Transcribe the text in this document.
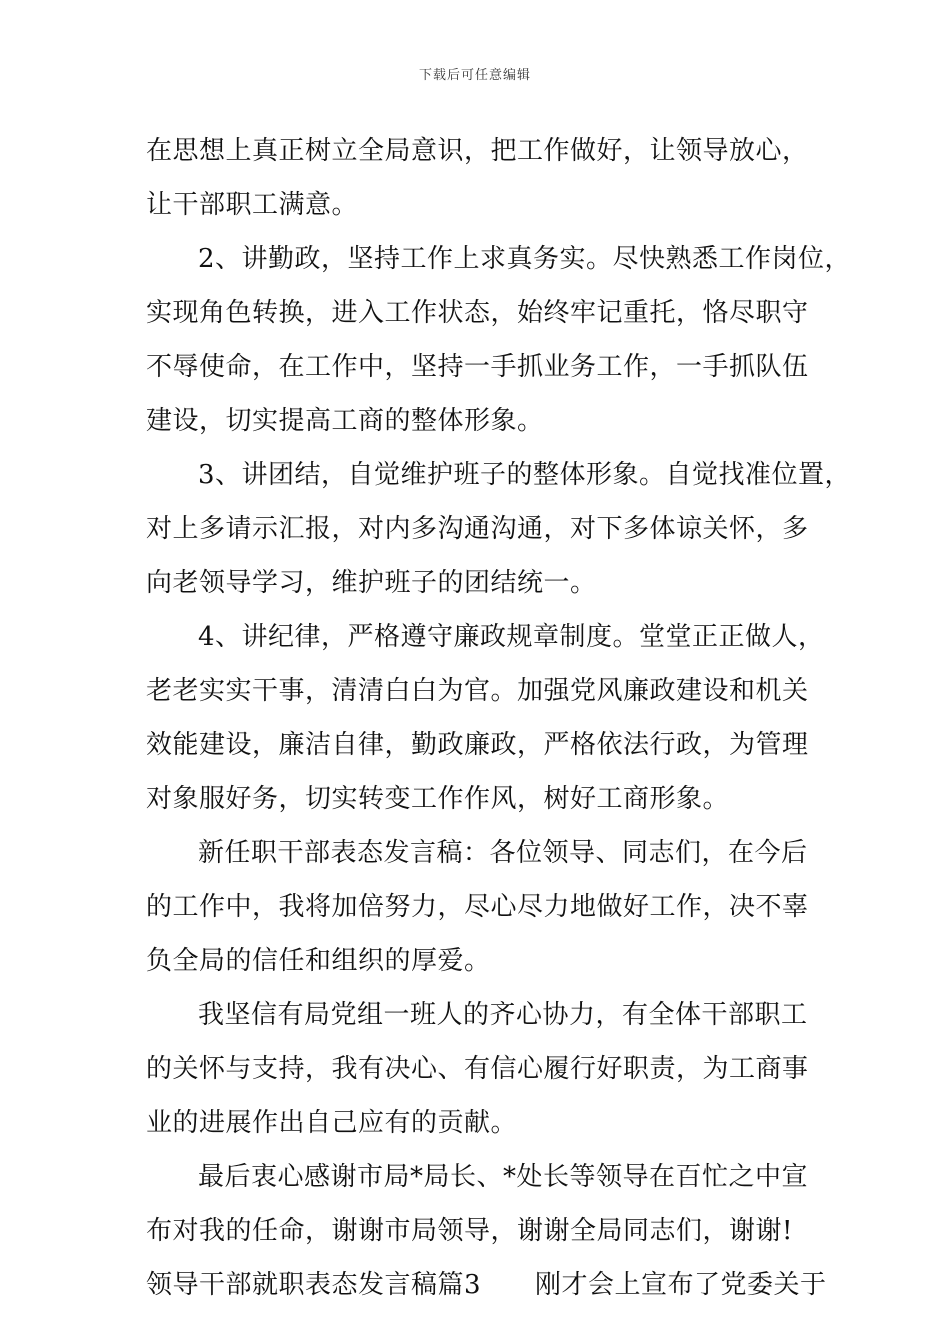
下载后可任意编辑
在思想上真正树立全局意识，把工作做好，让领导放心，
让干部职工满意。
2、讲勤政，坚持工作上求真务实。尽快熟悉工作岗位，
实现角色转换，进入工作状态，始终牢记重托，恪尽职守
不辱使命，在工作中，坚持一手抓业务工作，一手抓队伍
建设，切实提高工商的整体形象。
3、讲团结，自觉维护班子的整体形象。自觉找准位置，
对上多请示汇报，对内多沟通沟通，对下多体谅关怀，多
向老领导学习，维护班子的团结统一。
4、讲纪律，严格遵守廉政规章制度。堂堂正正做人，
老老实实干事，清清白白为官。加强党风廉政建设和机关
效能建设，廉洁自律，勤政廉政，严格依法行政，为管理
对象服好务，切实转变工作作风，树好工商形象。
新任职干部表态发言稿：各位领导、同志们，在今后
的工作中，我将加倍努力，尽心尽力地做好工作，决不辜
负全局的信任和组织的厚爱。
我坚信有局党组一班人的齐心协力，有全体干部职工
的关怀与支持，我有决心、有信心履行好职责，为工商事
业的进展作出自己应有的贡献。
最后衷心感谢市局*局长、*处长等领导在百忙之中宣
布对我的任命，谢谢市局领导，谢谢全局同志们，谢谢!
领导干部就职表态发言稿篇3 刚才会上宣布了党委关于
